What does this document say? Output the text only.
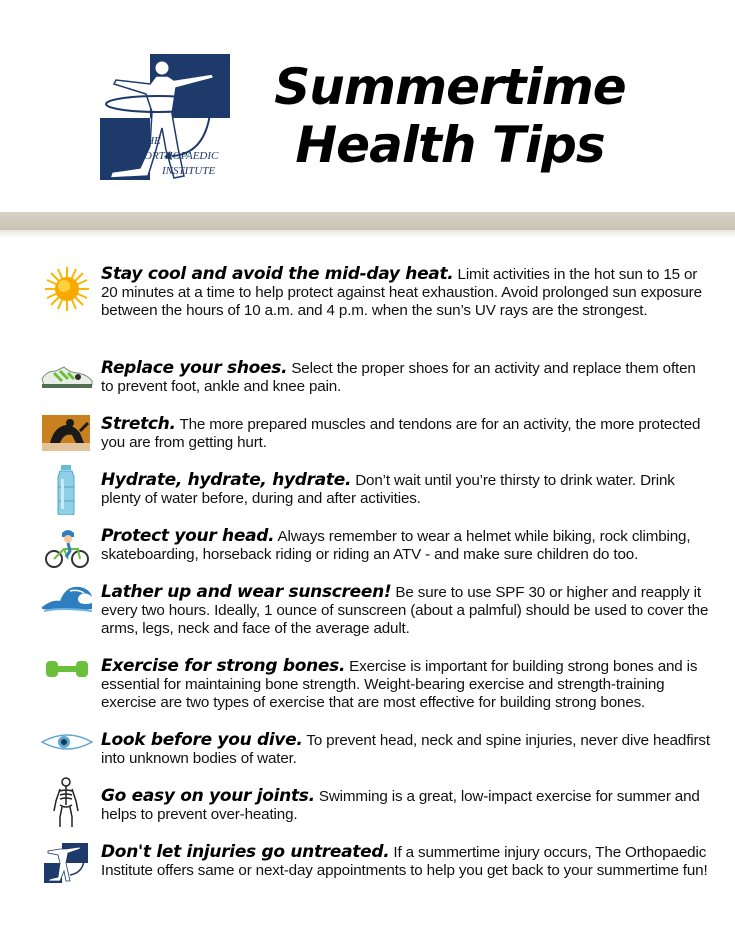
THE
ORTHOPAEDIC
INSTITUTE
Summertime
Health Tips
Stay cool and avoid the mid-day heat. Limit activities in the hot sun to 15 or 20 minutes at a time to help protect against heat exhaustion. Avoid prolonged sun exposure between the hours of 10 a.m. and 4 p.m. when the sun’s UV rays are the strongest.
Replace your shoes. Select the proper shoes for an activity and replace them often to prevent foot, ankle and knee pain.
Stretch. The more prepared muscles and tendons are for an activity, the more protected you are from getting hurt.
Hydrate, hydrate, hydrate. Don’t wait until you’re thirsty to drink water. Drink plenty of water before, during and after activities.
Protect your head. Always remember to wear a helmet while biking, rock climbing, skateboarding, horseback riding or riding an ATV - and make sure children do too.
Lather up and wear sunscreen! Be sure to use SPF 30 or higher and reapply it every two hours. Ideally, 1 ounce of sunscreen (about a palmful) should be used to cover the arms, legs, neck and face of the average adult.
Exercise for strong bones. Exercise is important for building strong bones and is essential for maintaining bone strength. Weight-bearing exercise and strength-training exercise are two types of exercise that are most effective for building strong bones.
Look before you dive. To prevent head, neck and spine injuries, never dive headfirst into unknown bodies of water.
Go easy on your joints. Swimming is a great, low-impact exercise for summer and helps to prevent over-heating.
Don't let injuries go untreated. If a summertime injury occurs, The Orthopaedic Institute offers same or next-day appointments to help you get back to your summertime fun!
